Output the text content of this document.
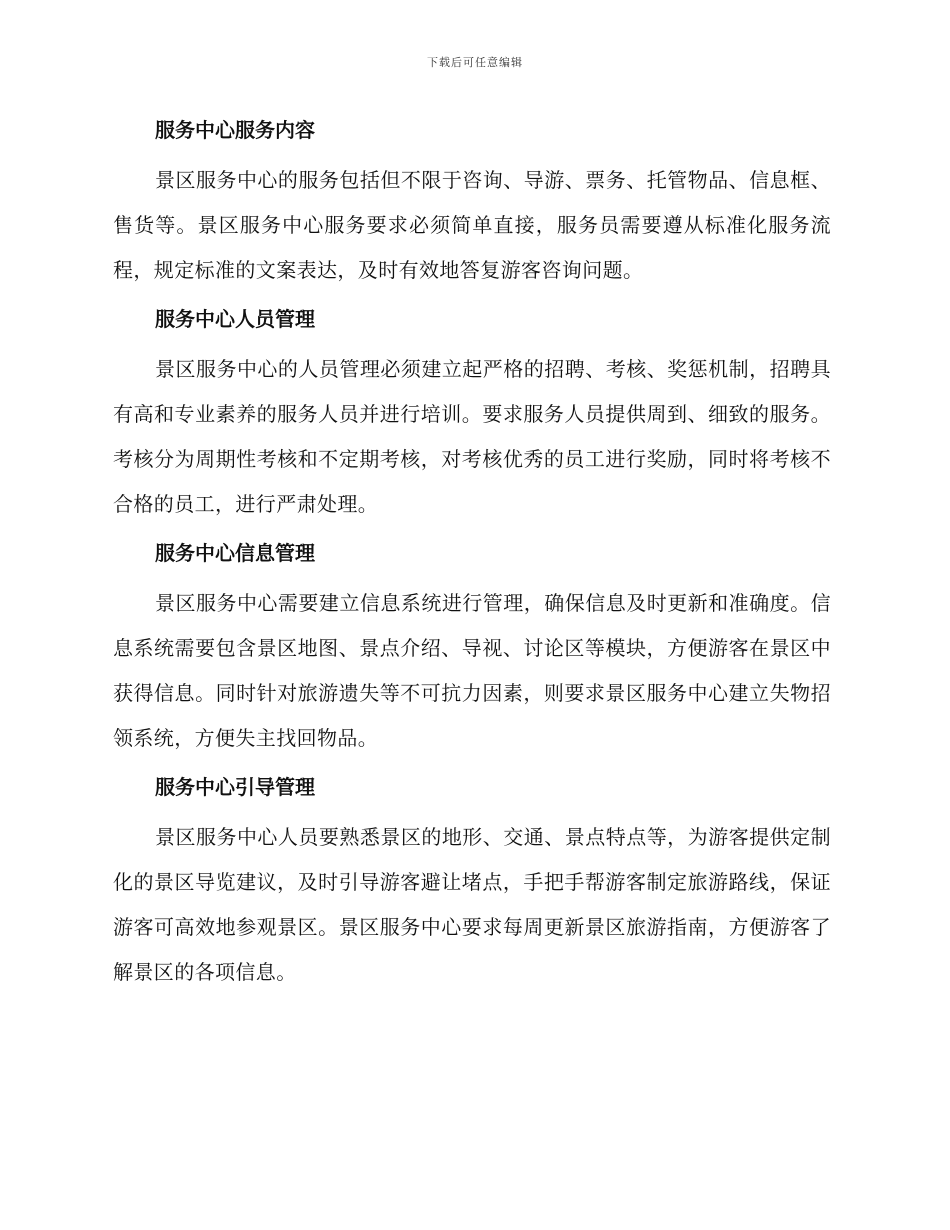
下载后可任意编辑
服务中心服务内容

景区服务中心的服务包括但不限于咨询、导游、票务、托管物品、信息框、售货等。景区服务中心服务要求必须简单直接，服务员需要遵从标准化服务流程，规定标准的文案表达，及时有效地答复游客咨询问题。

服务中心人员管理

景区服务中心的人员管理必须建立起严格的招聘、考核、奖惩机制，招聘具有高和专业素养的服务人员并进行培训。要求服务人员提供周到、细致的服务。考核分为周期性考核和不定期考核，对考核优秀的员工进行奖励，同时将考核不合格的员工，进行严肃处理。

服务中心信息管理

景区服务中心需要建立信息系统进行管理，确保信息及时更新和准确度。信息系统需要包含景区地图、景点介绍、导视、讨论区等模块，方便游客在景区中获得信息。同时针对旅游遗失等不可抗力因素，则要求景区服务中心建立失物招领系统，方便失主找回物品。

服务中心引导管理

景区服务中心人员要熟悉景区的地形、交通、景点特点等，为游客提供定制化的景区导览建议，及时引导游客避让堵点，手把手帮游客制定旅游路线，保证游客可高效地参观景区。景区服务中心要求每周更新景区旅游指南，方便游客了解景区的各项信息。
